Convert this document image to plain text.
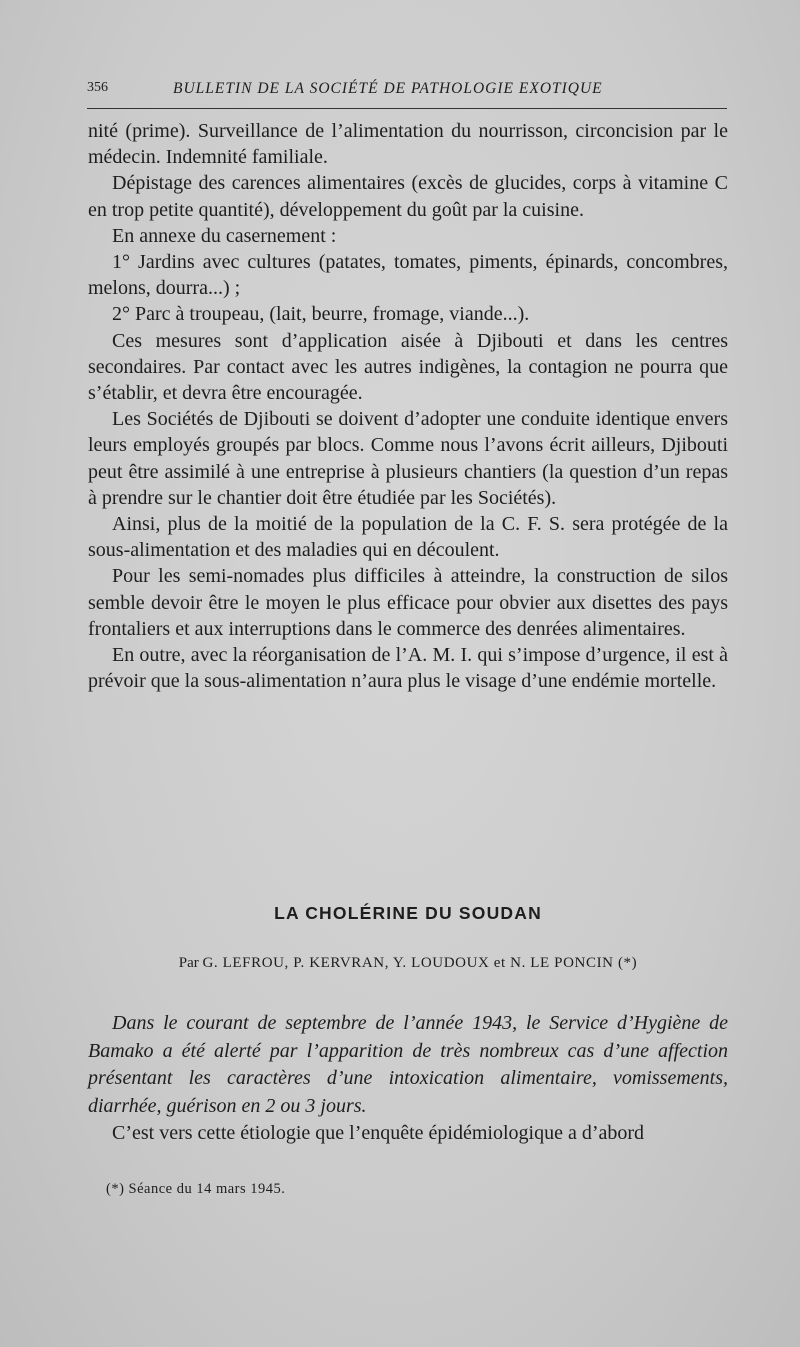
356	BULLETIN DE LA SOCIÉTÉ DE PATHOLOGIE EXOTIQUE

nité (prime). Surveillance de l’alimentation du nourrisson, circoncision par le médecin. Indemnité familiale.

Dépistage des carences alimentaires (excès de glucides, corps à vitamine C en trop petite quantité), développement du goût par la cuisine.

En annexe du casernement :

1° Jardins avec cultures (patates, tomates, piments, épinards, concombres, melons, dourra...) ;

2° Parc à troupeau, (lait, beurre, fromage, viande...).

Ces mesures sont d’application aisée à Djibouti et dans les centres secondaires. Par contact avec les autres indigènes, la contagion ne pourra que s’établir, et devra être encouragée.

Les Sociétés de Djibouti se doivent d’adopter une conduite identique envers leurs employés groupés par blocs. Comme nous l’avons écrit ailleurs, Djibouti peut être assimilé à une entreprise à plusieurs chantiers (la question d’un repas à prendre sur le chantier doit être étudiée par les Sociétés).

Ainsi, plus de la moitié de la population de la C. F. S. sera protégée de la sous-alimentation et des maladies qui en découlent.

Pour les semi-nomades plus difficiles à atteindre, la construction de silos semble devoir être le moyen le plus efficace pour obvier aux disettes des pays frontaliers et aux interruptions dans le commerce des denrées alimentaires.

En outre, avec la réorganisation de l’A. M. I. qui s’impose d’urgence, il est à prévoir que la sous-alimentation n’aura plus le visage d’une endémie mortelle.

LA CHOLÉRINE DU SOUDAN
Par G. LEFROU, P. KERVRAN, Y. LOUDOUX et N. LE PONCIN (*)

Dans le courant de septembre de l’année 1943, le Service d’Hygiène de Bamako a été alerté par l’apparition de très nombreux cas d’une affection présentant les caractères d’une intoxication alimentaire, vomissements, diarrhée, guérison en 2 ou 3 jours.

C’est vers cette étiologie que l’enquête épidémiologique a d’abord

(*) Séance du 14 mars 1945.
